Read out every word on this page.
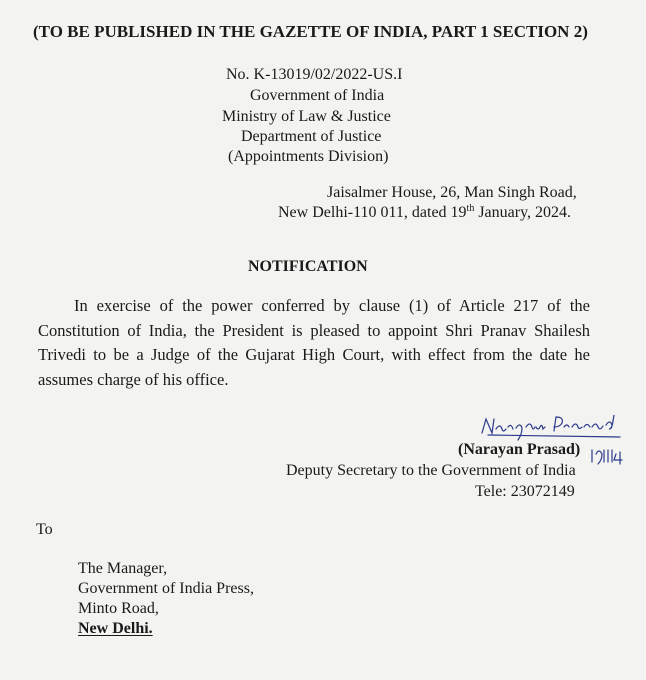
(TO BE PUBLISHED IN THE GAZETTE OF INDIA, PART 1 SECTION 2)
No. K-13019/02/2022-US.I
Government of India
Ministry of Law & Justice
Department of Justice
(Appointments Division)
Jaisalmer House, 26, Man Singh Road,
New Delhi-110 011, dated 19th January, 2024.
NOTIFICATION
In exercise of the power conferred by clause (1) of Article 217 of the Constitution of India, the President is pleased to appoint Shri Pranav Shailesh Trivedi to be a Judge of the Gujarat High Court, with effect from the date he assumes charge of his office.
(Narayan Prasad)
Deputy Secretary to the Government of India
Tele: 23072149
To
The Manager,
Government of India Press,
Minto Road,
New Delhi.
